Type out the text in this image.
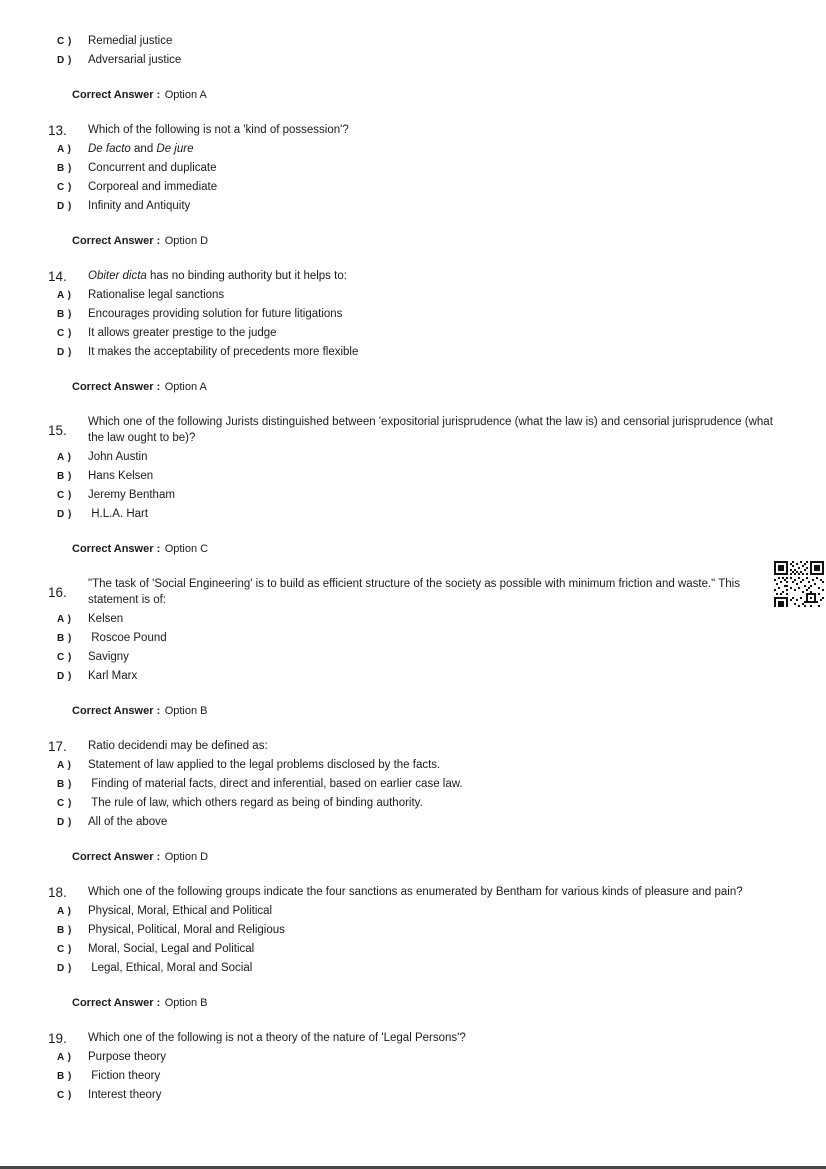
C )	Remedial justice
D )	Adversarial justice
Correct Answer : Option A
13.	Which of the following is not a 'kind of possession'?
A )	De facto and De jure
B )	Concurrent and duplicate
C )	Corporeal and immediate
D )	Infinity and Antiquity
Correct Answer : Option D
14.	Obiter dicta has no binding authority but it helps to:
A )	Rationalise legal sanctions
B )	Encourages providing solution for future litigations
C )	It allows greater prestige to the judge
D )	It makes the acceptability of precedents more flexible
Correct Answer : Option A
15.
Which one of the following Jurists distinguished between 'expositorial jurisprudence (what the law is) and censorial jurisprudence (what the law ought to be)?
A )	John Austin
B )	Hans Kelsen
C )	Jeremy Bentham
D )	H.L.A. Hart
Correct Answer : Option C
16.
"The task of 'Social Engineering' is to build as efficient structure of the society as possible with minimum friction and waste." This statement is of:
A )	Kelsen
B )	Roscoe Pound
C )	Savigny
D )	Karl Marx
Correct Answer : Option B
17.	Ratio decidendi may be defined as:
A )	Statement of law applied to the legal problems disclosed by the facts.
B )	Finding of material facts, direct and inferential, based on earlier case law.
C )	The rule of law, which others regard as being of binding authority.
D )	All of the above
Correct Answer : Option D
18.	Which one of the following groups indicate the four sanctions as enumerated by Bentham for various kinds of pleasure and pain?
A )	Physical, Moral, Ethical and Political
B )	Physical, Political, Moral and Religious
C )	Moral, Social, Legal and Political
D )	Legal, Ethical, Moral and Social
Correct Answer : Option B
19.	Which one of the following is not a theory of the nature of 'Legal Persons'?
A )	Purpose theory
B )	Fiction theory
C )	Interest theory
